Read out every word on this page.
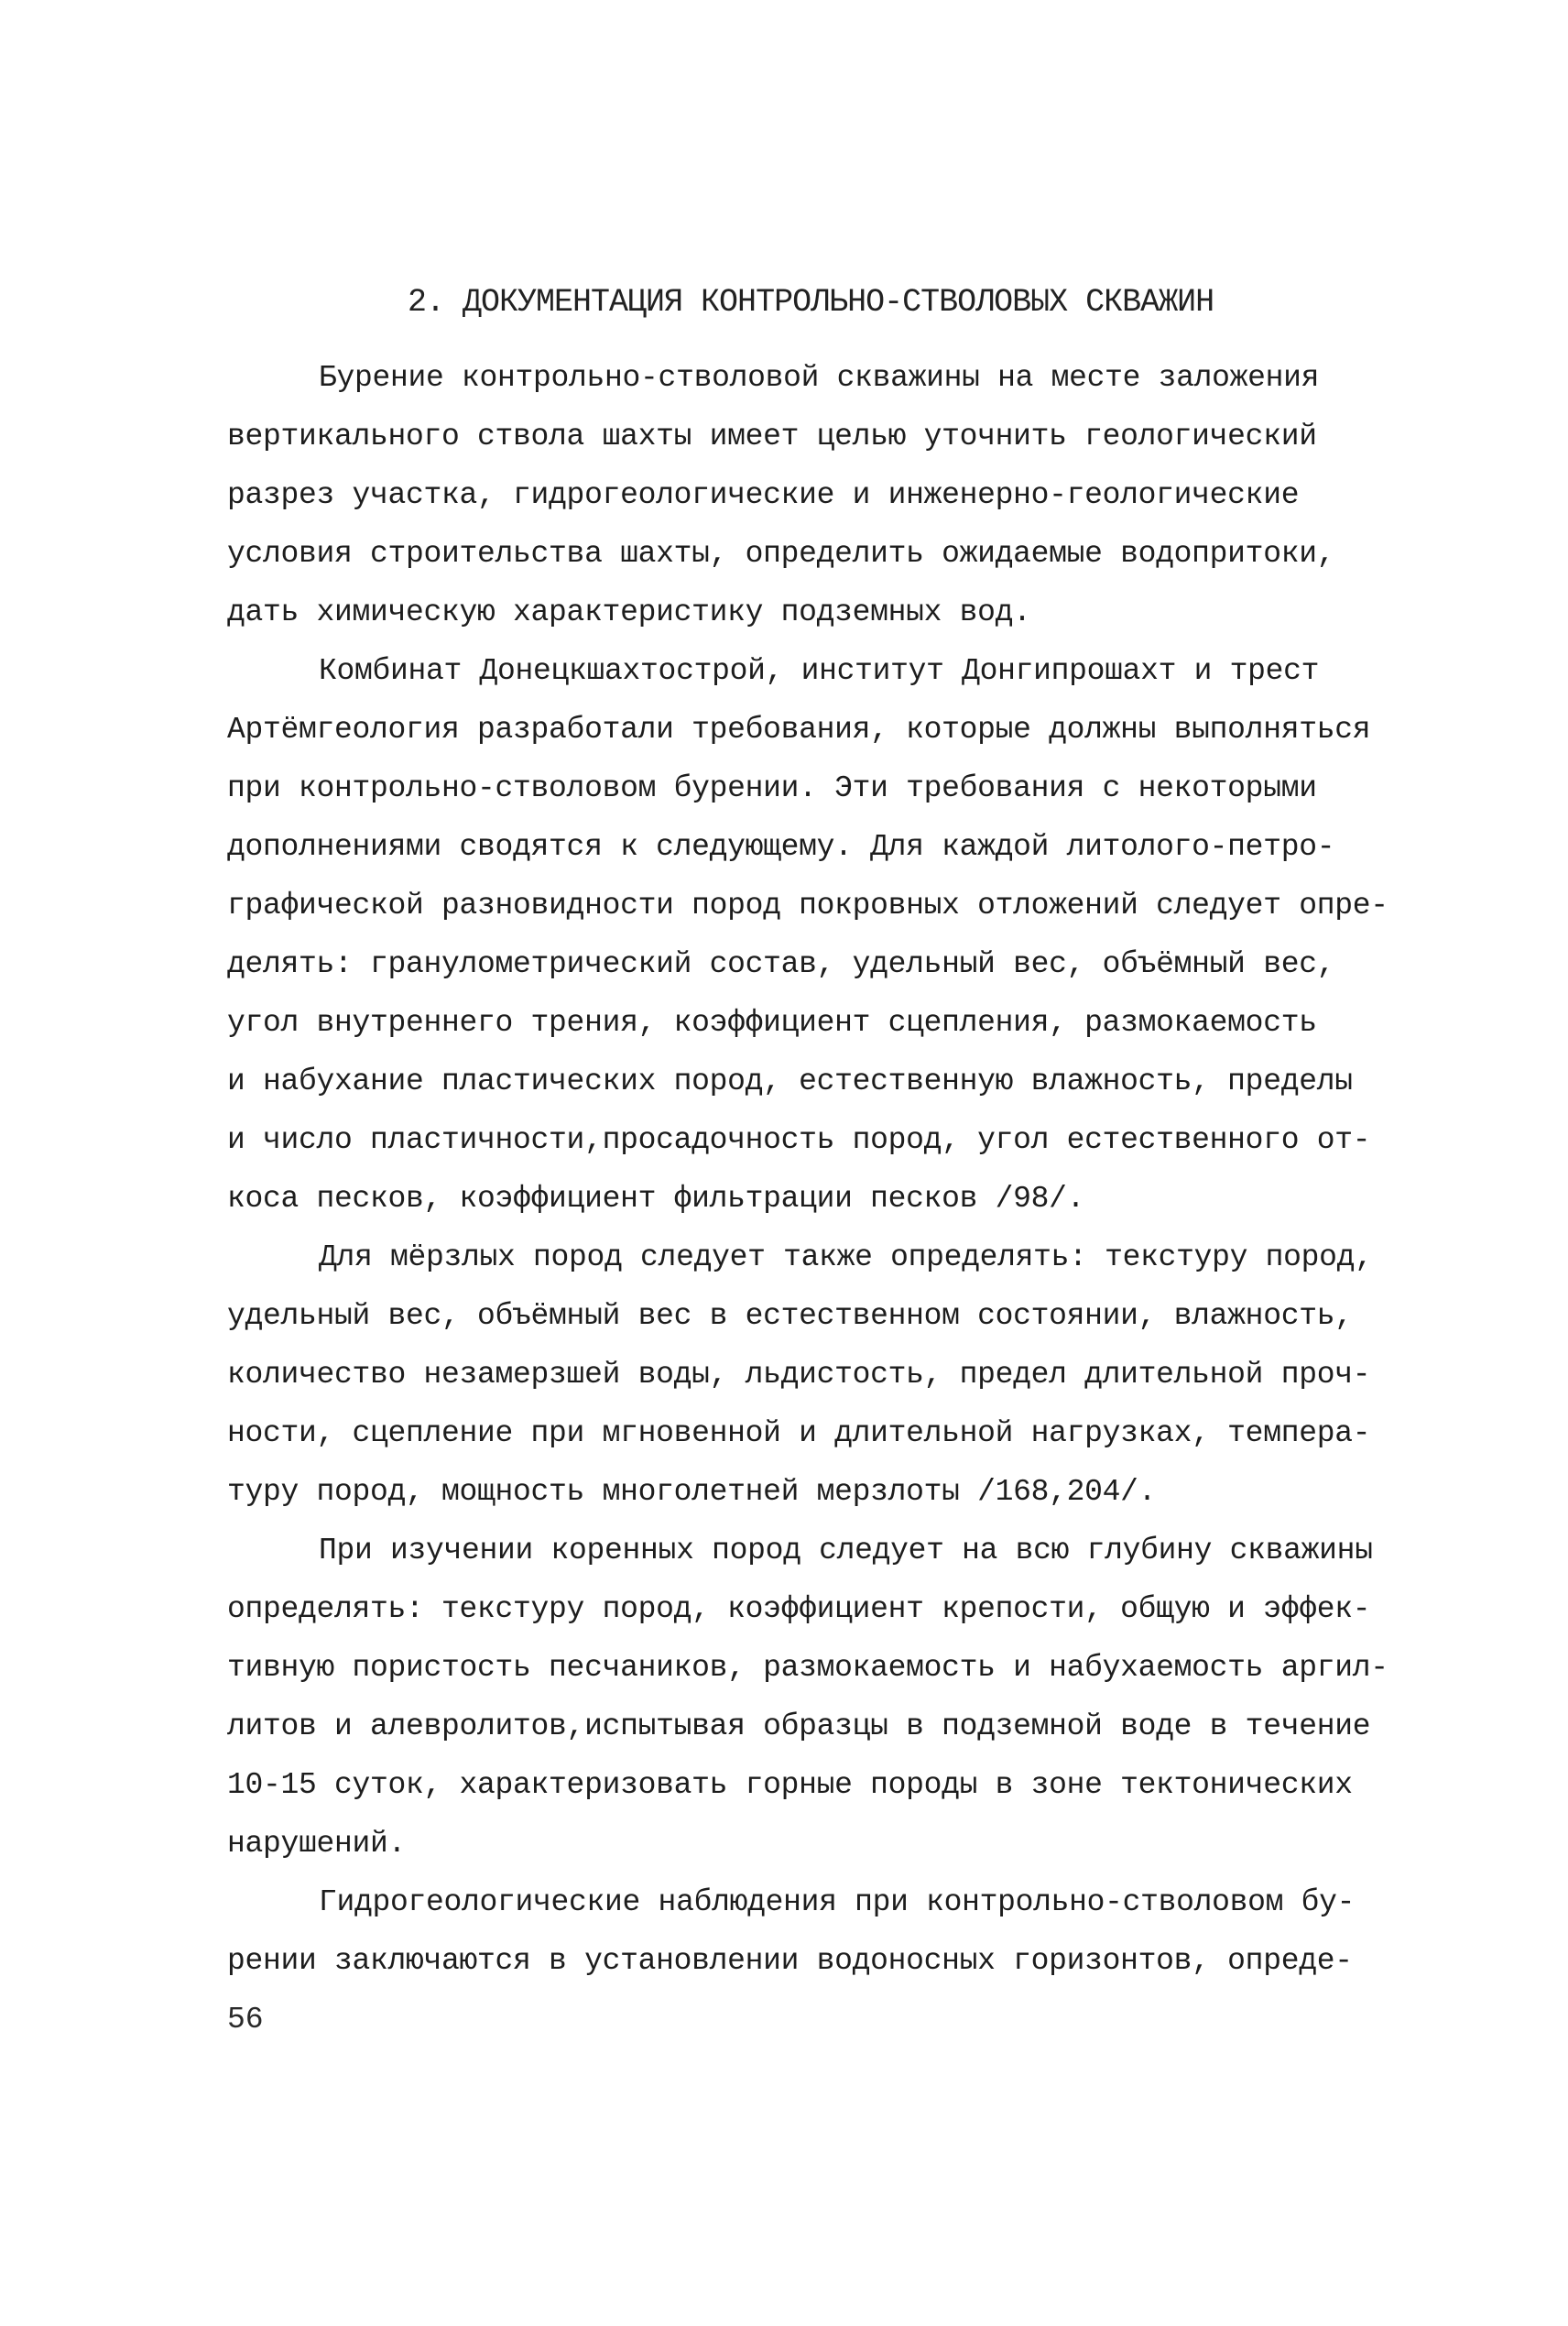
2. ДОКУМЕНТАЦИЯ КОНТРОЛЬНО-СТВОЛОВЫХ СКВАЖИН
Бурение контрольно-стволовой скважины на месте заложения
вертикального ствола шахты имеет целью уточнить геологический
разрез участка, гидрогеологические и инженерно-геологические
условия строительства шахты, определить ожидаемые водопритоки,
дать химическую характеристику подземных вод.
Комбинат Донецкшахтострой, институт Донгипрошахт и трест
Артёмгеология разработали требования, которые должны выполняться
при контрольно-стволовом бурении. Эти требования с некоторыми
дополнениями сводятся к следующему. Для каждой литолого-петро-
графической разновидности пород покровных отложений следует опре-
делять: гранулометрический состав, удельный вес, объёмный вес,
угол внутреннего трения, коэффициент сцепления, размокаемость
и набухание пластических пород, естественную влажность, пределы
и число пластичности,просадочность пород, угол естественного от-
коса песков, коэффициент фильтрации песков /98/.
Для мёрзлых пород следует также определять: текстуру пород,
удельный вес, объёмный вес в естественном состоянии, влажность,
количество незамерзшей воды, льдистость, предел длительной проч-
ности, сцепление при мгновенной и длительной нагрузках, темпера-
туру пород, мощность многолетней мерзлоты /168,204/.
При изучении коренных пород следует на всю глубину скважины
определять: текстуру пород, коэффициент крепости, общую и эффек-
тивную пористость песчаников, размокаемость и набухаемость аргил-
литов и алевролитов,испытывая образцы в подземной воде в течение
10-15 суток, характеризовать горные породы в зоне тектонических
нарушений.
Гидрогеологические наблюдения при контрольно-стволовом бу-
рении заключаются в установлении водоносных горизонтов, опреде-
56
